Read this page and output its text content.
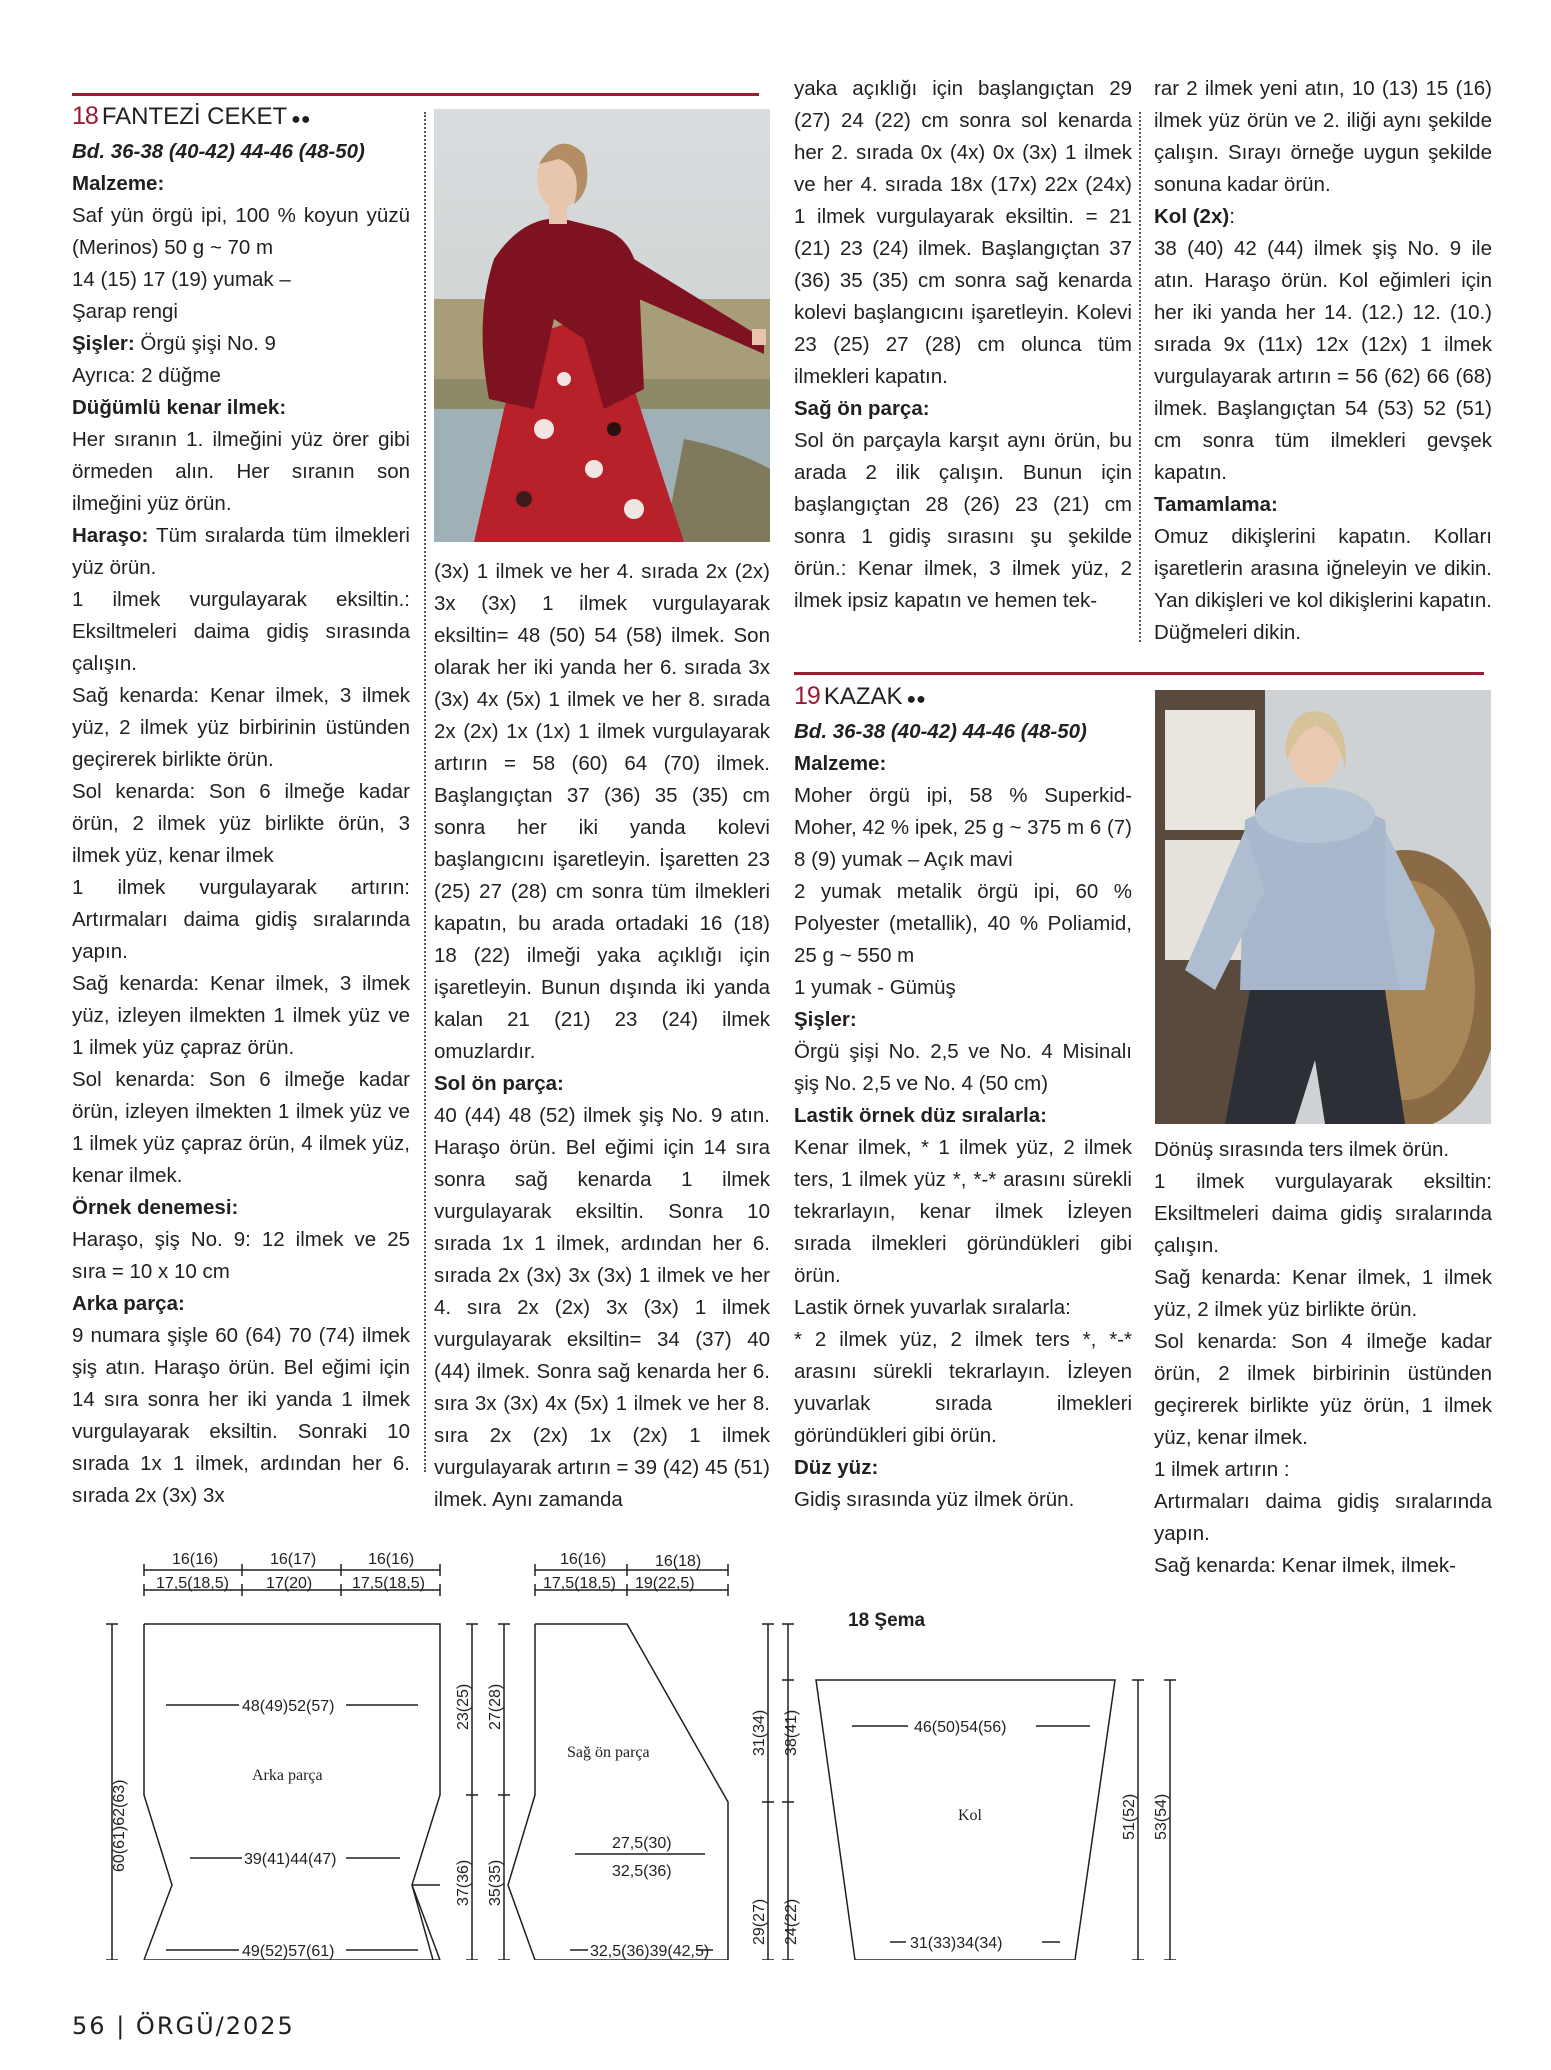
18 FANTEZİ CEKET ●●

Bd. 36-38 (40-42) 44-46 (48-50)

Malzeme:

Saf yün örgü ipi, 100 % koyun yüzü (Merinos) 50 g ~ 70 m

14 (15) 17 (19) yumak –

Şarap rengi

Şişler: Örgü şişi No. 9

Ayrıca: 2 düğme

Düğümlü kenar ilmek:

Her sıranın 1. ilmeğini yüz örer gibi örmeden alın. Her sıranın son ilmeğini yüz örün.

Haraşo: Tüm sıralarda tüm ilmekleri yüz örün.

1 ilmek vurgulayarak eksiltin.: Eksiltmeleri daima gidiş sırasında çalışın.

Sağ kenarda: Kenar ilmek, 3 ilmek yüz, 2 ilmek yüz birbirinin üstünden geçirerek birlikte örün.

Sol kenarda: Son 6 ilmeğe kadar örün, 2 ilmek yüz birlikte örün, 3 ilmek yüz, kenar ilmek

1 ilmek vurgulayarak artırın: Artırmaları daima gidiş sıralarında yapın.

Sağ kenarda: Kenar ilmek, 3 ilmek yüz, izleyen ilmekten 1 ilmek yüz ve 1 ilmek yüz çapraz örün.

Sol kenarda: Son 6 ilmeğe kadar örün, izleyen ilmekten 1 ilmek yüz ve 1 ilmek yüz çapraz örün, 4 ilmek yüz, kenar ilmek.

Örnek denemesi:

Haraşo, şiş No. 9: 12 ilmek ve 25 sıra = 10 x 10 cm

Arka parça:

9 numara şişle 60 (64) 70 (74) ilmek şiş atın. Haraşo örün. Bel eğimi için 14 sıra sonra her iki yanda 1 ilmek vurgulayarak eksiltin. Sonraki 10 sırada 1x 1 ilmek, ardından her 6. sırada 2x (3x) 3x

(3x) 1 ilmek ve her 4. sırada 2x (2x) 3x (3x) 1 ilmek vurgulayarak eksiltin= 48 (50) 54 (58) ilmek. Son olarak her iki yanda her 6. sırada 3x (3x) 4x (5x) 1 ilmek ve her 8. sırada 2x (2x) 1x (1x) 1 ilmek vurgulayarak artırın = 58 (60) 64 (70) ilmek. Başlangıçtan 37 (36) 35 (35) cm sonra her iki yanda kolevi başlangıcını işaretleyin. İşaretten 23 (25) 27 (28) cm sonra tüm ilmekleri kapatın, bu arada ortadaki 16 (18) 18 (22) ilmeği yaka açıklığı için işaretleyin. Bunun dışında iki yanda kalan 21 (21) 23 (24) ilmek omuzlardır.

Sol ön parça:

40 (44) 48 (52) ilmek şiş No. 9 atın. Haraşo örün. Bel eğimi için 14 sıra sonra sağ kenarda 1 ilmek vurgulayarak eksiltin. Sonra 10 sırada 1x 1 ilmek, ardından her 6. sırada 2x (3x) 3x (3x) 1 ilmek ve her 4. sıra 2x (2x) 3x (3x) 1 ilmek vurgulayarak eksiltin= 34 (37) 40 (44) ilmek. Sonra sağ kenarda her 6. sıra 3x (3x) 4x (5x) 1 ilmek ve her 8. sıra 2x (2x) 1x (2x) 1 ilmek vurgulayarak artırın = 39 (42) 45 (51) ilmek. Aynı zamanda

yaka açıklığı için başlangıçtan 29 (27) 24 (22) cm sonra sol kenarda her 2. sırada 0x (4x) 0x (3x) 1 ilmek ve her 4. sırada 18x (17x) 22x (24x) 1 ilmek vurgulayarak eksiltin. = 21 (21) 23 (24) ilmek. Başlangıçtan 37 (36) 35 (35) cm sonra sağ kenarda kolevi başlangıcını işaretleyin. Kolevi 23 (25) 27 (28) cm olunca tüm ilmekleri kapatın.

Sağ ön parça:

Sol ön parçayla karşıt aynı örün, bu arada 2 ilik çalışın. Bunun için başlangıçtan 28 (26) 23 (21) cm sonra 1 gidiş sırasını şu şekilde örün.: Kenar ilmek, 3 ilmek yüz, 2 ilmek ipsiz kapatın ve hemen tek-

19 KAZAK ●●

Bd. 36-38 (40-42) 44-46 (48-50)

Malzeme:

Moher örgü ipi, 58 % Superkid-Moher, 42 % ipek, 25 g ~ 375 m 6 (7) 8 (9) yumak – Açık mavi

2 yumak metalik örgü ipi, 60 % Polyester (metallik), 40 % Poliamid, 25 g ~ 550 m

1 yumak - Gümüş

Şişler:

Örgü şişi No. 2,5 ve No. 4 Misinalı şiş No. 2,5 ve No. 4 (50 cm)

Lastik örnek düz sıralarla:

Kenar ilmek, * 1 ilmek yüz, 2 ilmek ters, 1 ilmek yüz *, *-* arasını sürekli tekrarlayın, kenar ilmek İzleyen sırada ilmekleri göründükleri gibi örün.

Lastik örnek yuvarlak sıralarla:

* 2 ilmek yüz, 2 ilmek ters *, *-* arasını sürekli tekrarlayın. İzleyen yuvarlak sırada ilmekleri göründükleri gibi örün.

Düz yüz:

Gidiş sırasında yüz ilmek örün.

rar 2 ilmek yeni atın, 10 (13) 15 (16) ilmek yüz örün ve 2. iliği aynı şekilde çalışın. Sırayı örneğe uygun şekilde sonuna kadar örün.

Kol (2x):

38 (40) 42 (44) ilmek şiş No. 9 ile atın. Haraşo örün. Kol eğimleri için her iki yanda her 14. (12.) 12. (10.) sırada 9x (11x) 12x (12x) 1 ilmek vurgulayarak artırın = 56 (62) 66 (68) ilmek. Başlangıçtan 54 (53) 52 (51) cm sonra tüm ilmekleri gevşek kapatın.

Tamamlama:

Omuz dikişlerini kapatın. Kolları işaretlerin arasına iğneleyin ve dikin. Yan dikişleri ve kol dikişlerini kapatın. Düğmeleri dikin.

Dönüş sırasında ters ilmek örün.

1 ilmek vurgulayarak eksiltin: Eksiltmeleri daima gidiş sıralarında çalışın.

Sağ kenarda: Kenar ilmek, 1 ilmek yüz, 2 ilmek yüz birlikte örün.

Sol kenarda: Son 4 ilmeğe kadar örün, 2 ilmek birbirinin üstünden geçirerek birlikte yüz örün, 1 ilmek yüz, kenar ilmek.

1 ilmek artırın :

Artırmaları daima gidiş sıralarında yapın.

Sağ kenarda: Kenar ilmek, ilmek-

18 Şema
16(16)	16(17)	16(16)
17,5(18,5) 17(20) 17,5(18,5)
48(49)52(57)
Arka parça
39(41)44(47)
49(52)57(61)
60(61)62(63)
23(25) 27(28)
37(36) 35(35)
16(16)	16(18)
17,5(18,5) 19(22,5)
Sağ ön parça
27,5(30)
32,5(36)
32,5(36)39(42,5)
31(34) 38(41)
29(27) 24(22)
46(50)54(56)
Kol
31(33)34(34)
51(52) 53(54)
56 | ÖRGÜ/2025
